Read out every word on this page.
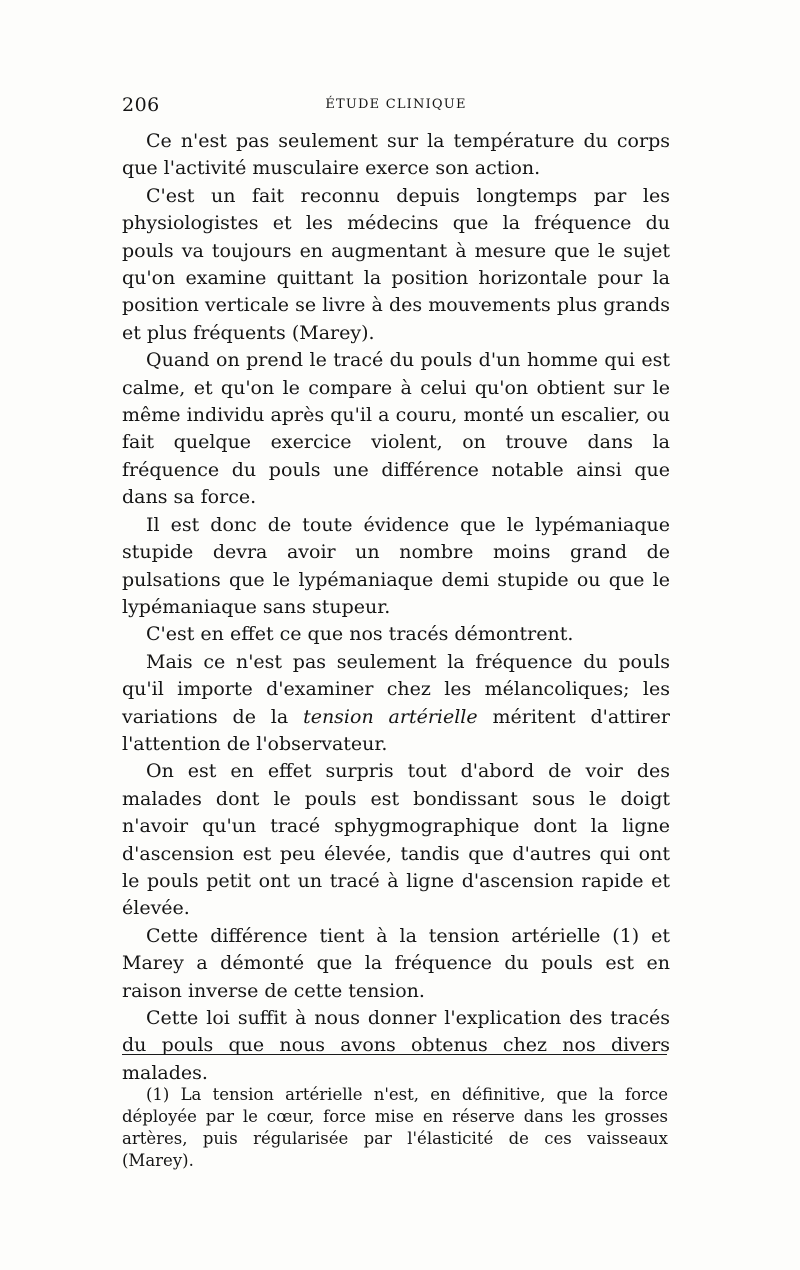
206	ÉTUDE CLINIQUE

Ce n'est pas seulement sur la température du corps que l'activité musculaire exerce son action.

C'est un fait reconnu depuis longtemps par les physiologistes et les médecins que la fréquence du pouls va toujours en augmentant à mesure que le sujet qu'on examine quittant la position horizontale pour la position verticale se livre à des mouvements plus grands et plus fréquents (Marey).

Quand on prend le tracé du pouls d'un homme qui est calme, et qu'on le compare à celui qu'on obtient sur le même individu après qu'il a couru, monté un escalier, ou fait quelque exercice violent, on trouve dans la fréquence du pouls une différence notable ainsi que dans sa force.

Il est donc de toute évidence que le lypémaniaque stupide devra avoir un nombre moins grand de pulsations que le lypémaniaque demi stupide ou que le lypémaniaque sans stupeur.

C'est en effet ce que nos tracés démontrent.

Mais ce n'est pas seulement la fréquence du pouls qu'il importe d'examiner chez les mélancoliques; les variations de la tension artérielle méritent d'attirer l'attention de l'observateur.

On est en effet surpris tout d'abord de voir des malades dont le pouls est bondissant sous le doigt n'avoir qu'un tracé sphygmographique dont la ligne d'ascension est peu élevée, tandis que d'autres qui ont le pouls petit ont un tracé à ligne d'ascension rapide et élevée.

Cette différence tient à la tension artérielle (1) et Marey a démonté que la fréquence du pouls est en raison inverse de cette tension.

Cette loi suffit à nous donner l'explication des tracés du pouls que nous avons obtenus chez nos divers malades.

(1) La tension artérielle n'est, en définitive, que la force déployée par le cœur, force mise en réserve dans les grosses artères, puis régularisée par l'élasticité de ces vaisseaux (Marey).
